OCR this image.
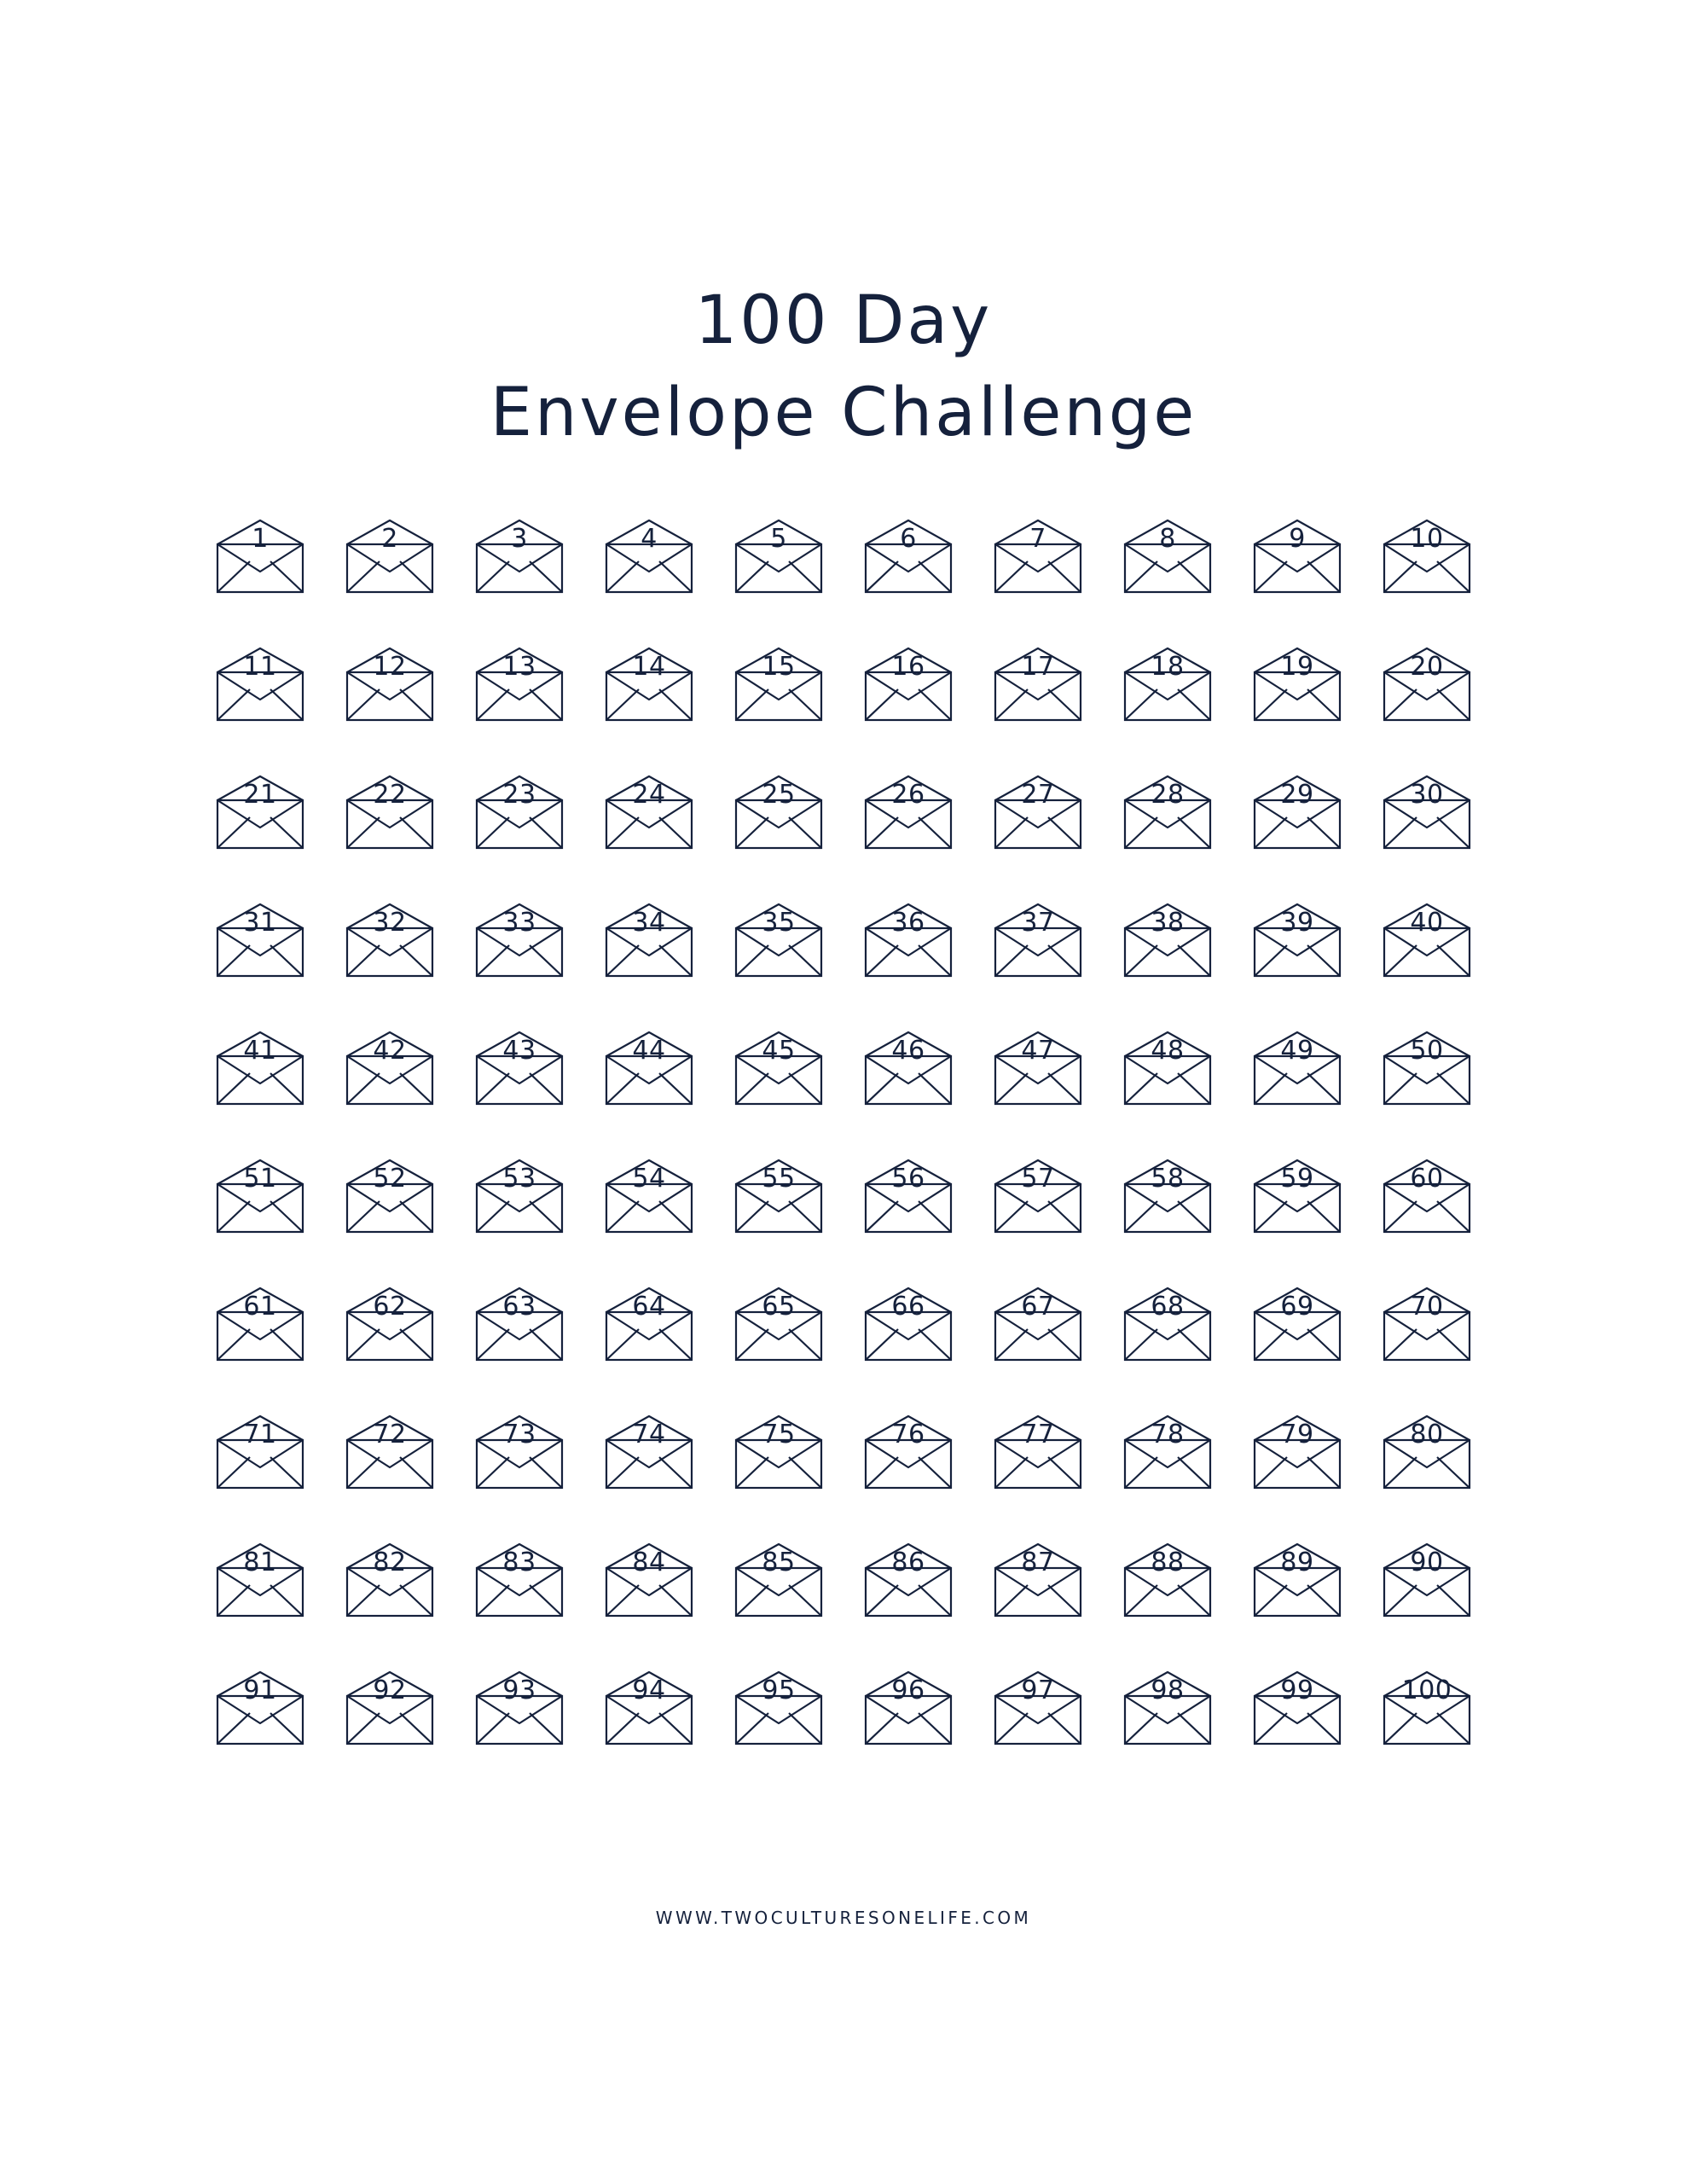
100 Day
Envelope Challenge
1	2	3	4	5	6	7	8	9	10
11	12	13	14	15	16	17	18	19	20
21	22	23	24	25	26	27	28	29	30
31	32	33	34	35	36	37	38	39	40
41	42	43	44	45	46	47	48	49	50
51	52	53	54	55	56	57	58	59	60
61	62	63	64	65	66	67	68	69	70
71	72	73	74	75	76	77	78	79	80
81	82	83	84	85	86	87	88	89	90
91	92	93	94	95	96	97	98	99	100
WWW.TWOCULTURESONELIFE.COM
